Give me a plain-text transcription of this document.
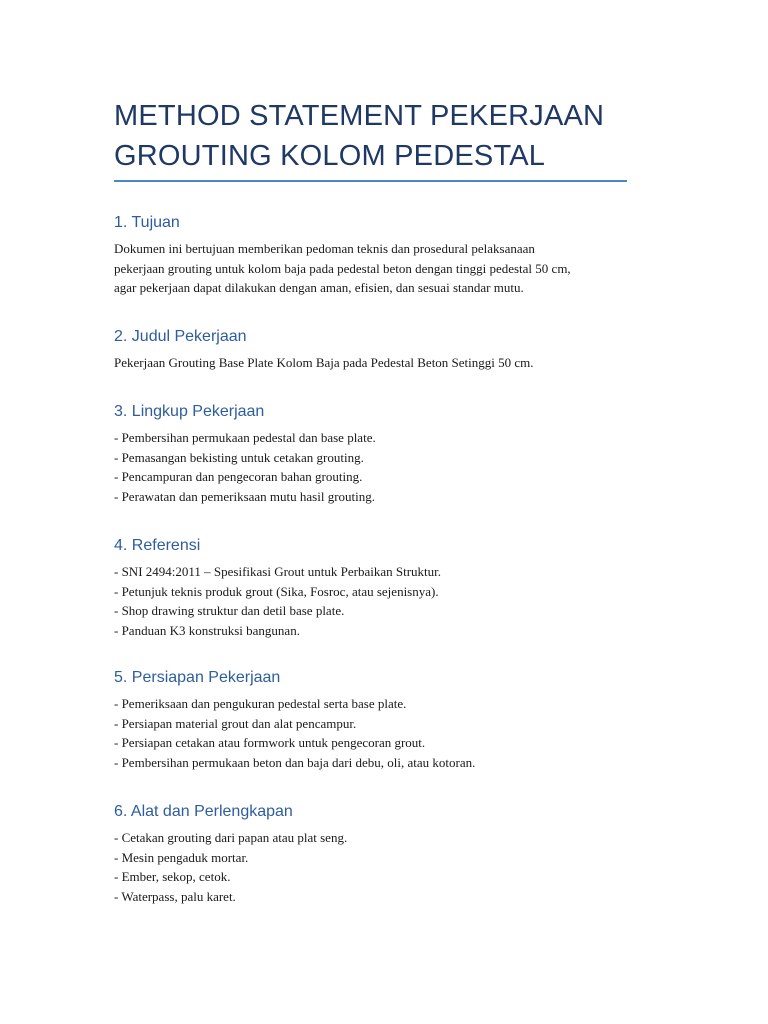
METHOD STATEMENT PEKERJAAN
GROUTING KOLOM PEDESTAL
1. Tujuan

Dokumen ini bertujuan memberikan pedoman teknis dan prosedural pelaksanaan
pekerjaan grouting untuk kolom baja pada pedestal beton dengan tinggi pedestal 50 cm,
agar pekerjaan dapat dilakukan dengan aman, efisien, dan sesuai standar mutu.

2. Judul Pekerjaan

Pekerjaan Grouting Base Plate Kolom Baja pada Pedestal Beton Setinggi 50 cm.

3. Lingkup Pekerjaan
- Pembersihan permukaan pedestal dan base plate.
- Pemasangan bekisting untuk cetakan grouting.
- Pencampuran dan pengecoran bahan grouting.
- Perawatan dan pemeriksaan mutu hasil grouting.
4. Referensi
- SNI 2494:2011 – Spesifikasi Grout untuk Perbaikan Struktur.
- Petunjuk teknis produk grout (Sika, Fosroc, atau sejenisnya).
- Shop drawing struktur dan detil base plate.
- Panduan K3 konstruksi bangunan.
5. Persiapan Pekerjaan
- Pemeriksaan dan pengukuran pedestal serta base plate.
- Persiapan material grout dan alat pencampur.
- Persiapan cetakan atau formwork untuk pengecoran grout.
- Pembersihan permukaan beton dan baja dari debu, oli, atau kotoran.
6. Alat dan Perlengkapan
- Cetakan grouting dari papan atau plat seng.
- Mesin pengaduk mortar.
- Ember, sekop, cetok.
- Waterpass, palu karet.
